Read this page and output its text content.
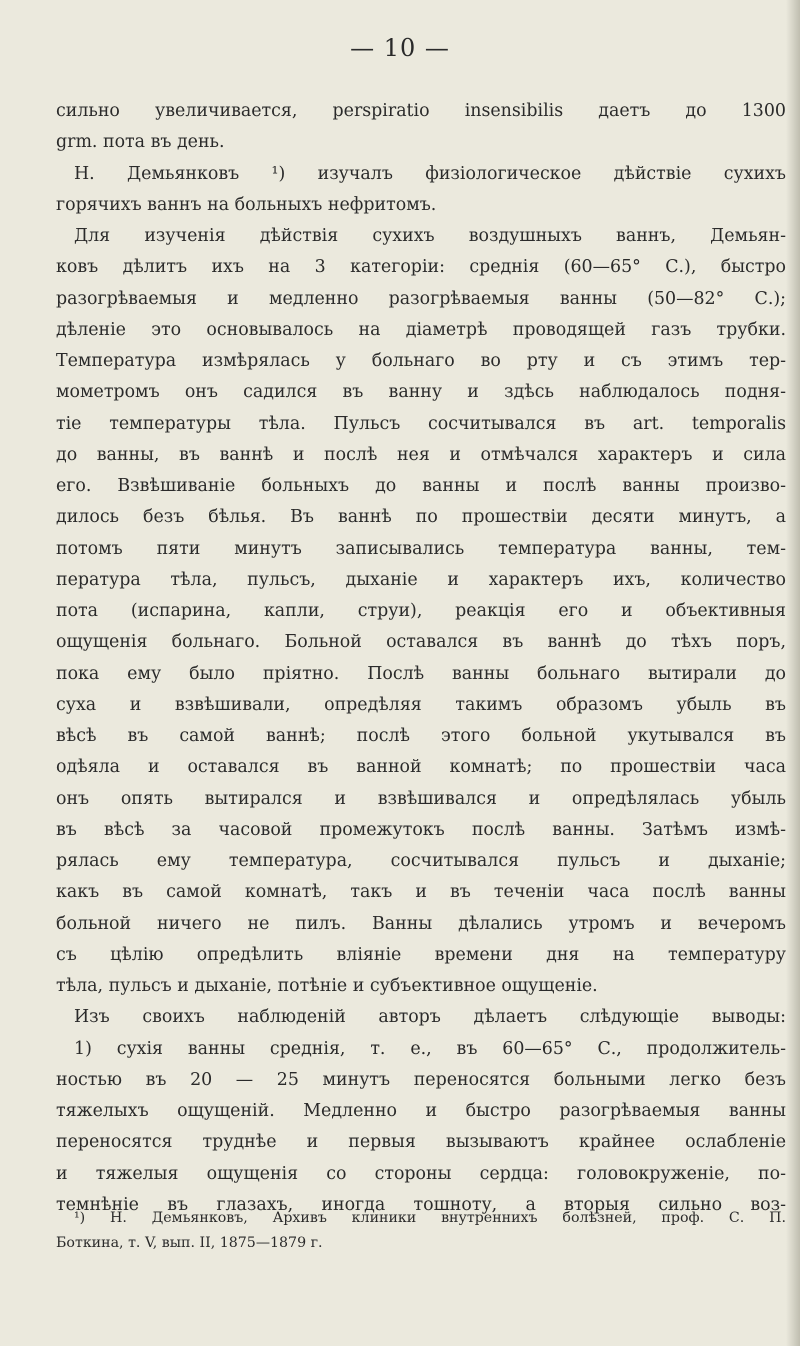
— 10 —
сильно увеличивается, perspiratio insensibilis даетъ до 1300
grm. пота въ день.
Н. Демьянковъ ¹) изучалъ физiологическое дѣйствiе сухихъ
горячихъ ваннъ на больныхъ нефритомъ.
Для изученiя дѣйствiя сухихъ воздушныхъ ваннъ, Демьян-
ковъ дѣлитъ ихъ на 3 категорiи: среднiя (60—65° С.), быстро
разогрѣваемыя и медленно разогрѣваемыя ванны (50—82° С.);
дѣленiе это основывалось на дiаметрѣ проводящей газъ трубки.
Температура измѣрялась у больнаго во рту и съ этимъ тер-
мометромъ онъ садился въ ванну и здѣсь наблюдалось подня-
тiе температуры тѣла. Пульсъ сосчитывался въ art. temporalis
до ванны, въ ваннѣ и послѣ нея и отмѣчался характеръ и сила
его. Взвѣшиванiе больныхъ до ванны и послѣ ванны произво-
дилось безъ бѣлья. Въ ваннѣ по прошествiи десяти минутъ, а
потомъ пяти минутъ записывались температура ванны, тем-
пература тѣла, пульсъ, дыханiе и характеръ ихъ, количество
пота (испарина, капли, струи), реакцiя его и объективныя
ощущенiя больнаго. Больной оставался въ ваннѣ до тѣхъ поръ,
пока ему было прiятно. Послѣ ванны больнаго вытирали до
суха и взвѣшивали, опредѣляя такимъ образомъ убыль въ
вѣсѣ въ самой ваннѣ; послѣ этого больной укутывался въ
одѣяла и оставался въ ванной комнатѣ; по прошествiи часа
онъ опять вытирался и взвѣшивался и опредѣлялась убыль
въ вѣсѣ за часовой промежутокъ послѣ ванны. Затѣмъ измѣ-
рялась ему температура, сосчитывался пульсъ и дыханiе;
какъ въ самой комнатѣ, такъ и въ теченiи часа послѣ ванны
больной ничего не пилъ. Ванны дѣлались утромъ и вечеромъ
съ цѣлiю опредѣлить влiянiе времени дня на температуру
тѣла, пульсъ и дыханiе, потѣнiе и субъективное ощущенiе.
Изъ своихъ наблюденiй авторъ дѣлаетъ слѣдующiе выводы:
1) сухiя ванны среднiя, т. е., въ 60—65° С., продолжитель-
ностью въ 20 — 25 минутъ переносятся больными легко безъ
тяжелыхъ ощущенiй. Медленно и быстро разогрѣваемыя ванны
переносятся труднѣе и первыя вызываютъ крайнее ослабленiе
и тяжелыя ощущенiя со стороны сердца: головокруженiе, по-
темнѣнiе въ глазахъ, иногда тошноту, а вторыя сильно воз-
¹) Н. Демьянковъ, Архивъ клиники внутреннихъ болѣзней, проф. С. П.
Боткина, т. V, вып. II, 1875—1879 г.
